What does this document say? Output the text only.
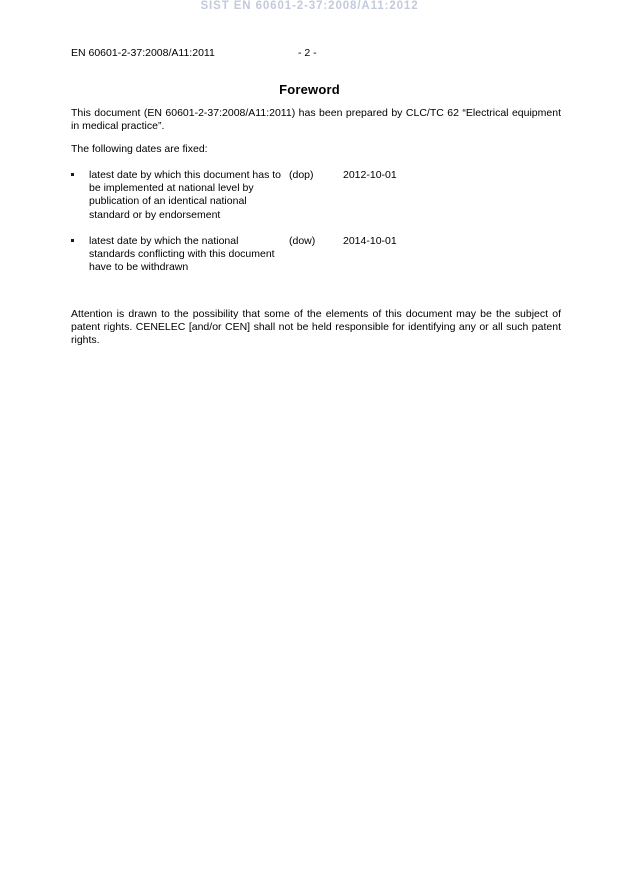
SIST EN 60601-2-37:2008/A11:2012
EN 60601-2-37:2008/A11:2011	- 2 -
Foreword
This document (EN 60601-2-37:2008/A11:2011) has been prepared by CLC/TC 62 “Electrical equipment in medical practice”.
The following dates are fixed:
latest date by which this document has to be implemented at national level by publication of an identical national standard or by endorsement
(dop)	2012-10-01
latest date by which the national standards conflicting with this document have to be withdrawn
(dow)	2014-10-01
Attention is drawn to the possibility that some of the elements of this document may be the subject of patent rights. CENELEC [and/or CEN] shall not be held responsible for identifying any or all such patent rights.
